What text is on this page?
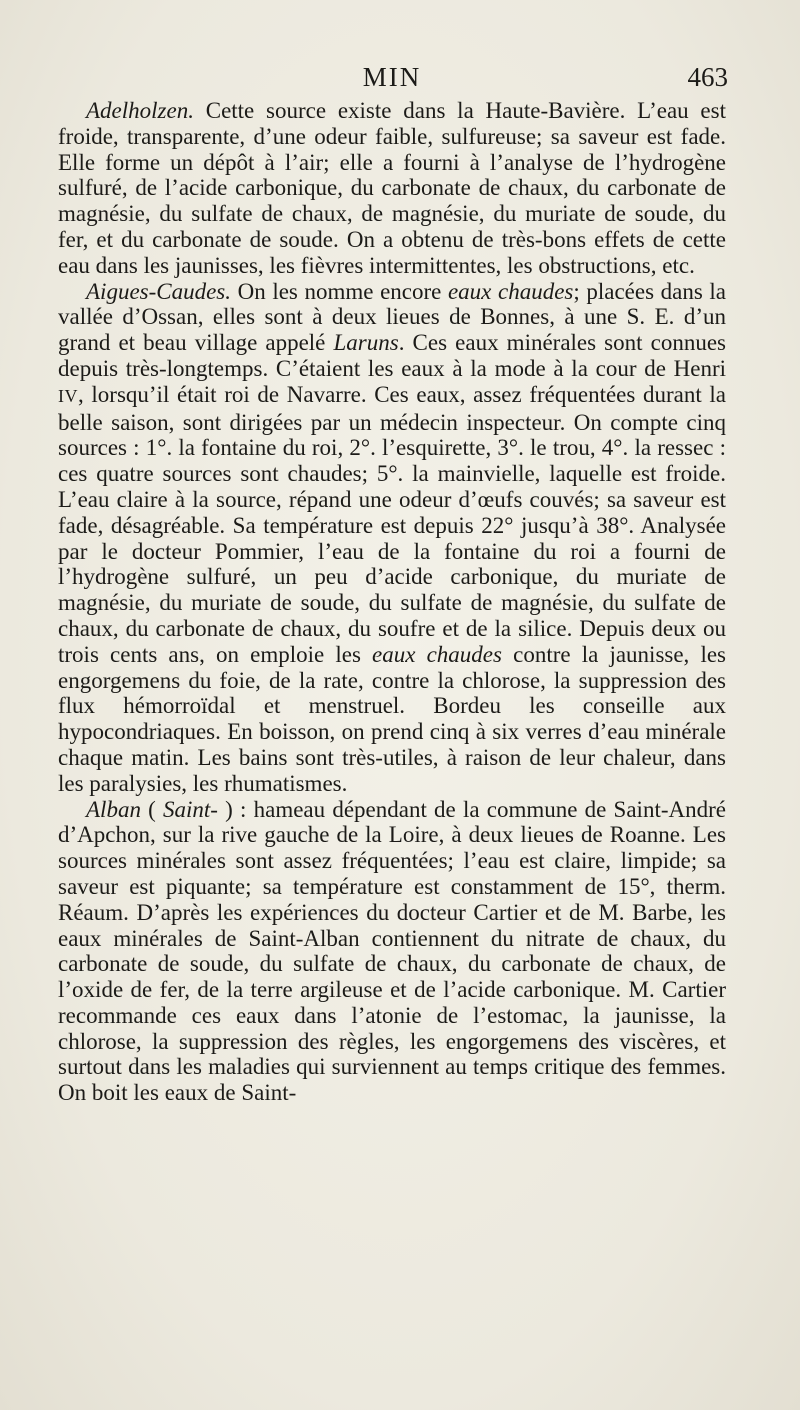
MIN	463

Adelholzen. Cette source existe dans la Haute-Bavière. L’eau est froide, transparente, d’une odeur faible, sulfureuse; sa saveur est fade. Elle forme un dépôt à l’air; elle a fourni à l’analyse de l’hydrogène sulfuré, de l’acide carbonique, du carbonate de chaux, du carbonate de magnésie, du sulfate de chaux, de magnésie, du muriate de soude, du fer, et du carbonate de soude. On a obtenu de très-bons effets de cette eau dans les jaunisses, les fièvres intermittentes, les obstructions, etc.

Aigues-Caudes. On les nomme encore eaux chaudes; placées dans la vallée d’Ossan, elles sont à deux lieues de Bonnes, à une S. E. d’un grand et beau village appelé Laruns. Ces eaux minérales sont connues depuis très-longtemps. C’étaient les eaux à la mode à la cour de Henri IV, lorsqu’il était roi de Navarre. Ces eaux, assez fréquentées durant la belle saison, sont dirigées par un médecin inspecteur. On compte cinq sources : 1°. la fontaine du roi, 2°. l’esquirette, 3°. le trou, 4°. la ressec : ces quatre sources sont chaudes; 5°. la mainvielle, laquelle est froide. L’eau claire à la source, répand une odeur d’œufs couvés; sa saveur est fade, désagréable. Sa température est depuis 22° jusqu’à 38°. Analysée par le docteur Pommier, l’eau de la fontaine du roi a fourni de l’hydrogène sulfuré, un peu d’acide carbonique, du muriate de magnésie, du muriate de soude, du sulfate de magnésie, du sulfate de chaux, du carbonate de chaux, du soufre et de la silice. Depuis deux ou trois cents ans, on emploie les eaux chaudes contre la jaunisse, les engorgemens du foie, de la rate, contre la chlorose, la suppression des flux hémorroïdal et menstruel. Bordeu les conseille aux hypocondriaques. En boisson, on prend cinq à six verres d’eau minérale chaque matin. Les bains sont très-utiles, à raison de leur chaleur, dans les paralysies, les rhumatismes.

Alban ( Saint- ) : hameau dépendant de la commune de Saint-André d’Apchon, sur la rive gauche de la Loire, à deux lieues de Roanne. Les sources minérales sont assez fréquentées; l’eau est claire, limpide; sa saveur est piquante; sa température est constamment de 15°, therm. Réaum. D’après les expériences du docteur Cartier et de M. Barbe, les eaux minérales de Saint-Alban contiennent du nitrate de chaux, du carbonate de soude, du sulfate de chaux, du carbonate de chaux, de l’oxide de fer, de la terre argileuse et de l’acide carbonique. M. Cartier recommande ces eaux dans l’atonie de l’estomac, la jaunisse, la chlorose, la suppression des règles, les engorgemens des viscères, et surtout dans les maladies qui surviennent au temps critique des femmes. On boit les eaux de Saint-
